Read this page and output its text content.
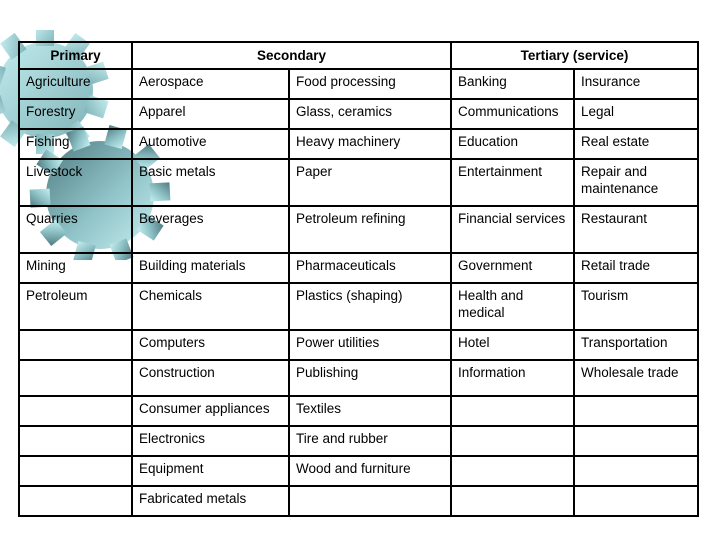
Primary	Secondary		Tertiary (service)	
Agriculture	Aerospace	Food processing	Banking	Insurance
Forestry	Apparel	Glass, ceramics	Communications	Legal
Fishing	Automotive	Heavy machinery	Education	Real estate
Livestock	Basic metals	Paper	Entertainment	Repair and maintenance
Quarries	Beverages	Petroleum refining	Financial services	Restaurant
Mining	Building materials	Pharmaceuticals	Government	Retail trade
Petroleum	Chemicals	Plastics (shaping)	Health and medical	Tourism
	Computers	Power utilities	Hotel	Transportation
	Construction	Publishing	Information	Wholesale trade
	Consumer appliances	Textiles		
	Electronics	Tire and rubber		
	Equipment	Wood and furniture		
	Fabricated metals			
